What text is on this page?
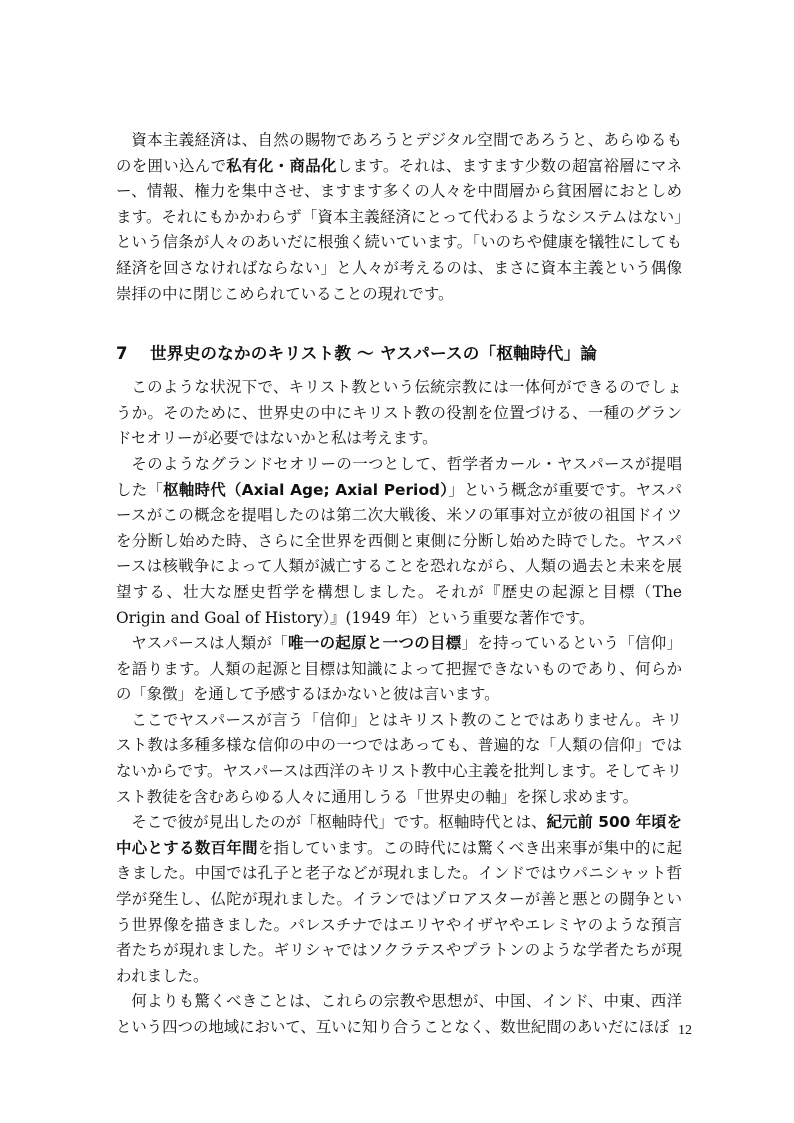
資本主義経済は、自然の賜物であろうとデジタル空間であろうと、あらゆるものを囲い込んで私有化・商品化します。それは、ますます少数の超富裕層にマネー、情報、権力を集中させ、ますます多くの人々を中間層から貧困層におとしめます。それにもかかわらず「資本主義経済にとって代わるようなシステムはない」という信条が人々のあいだに根強く続いています。「いのちや健康を犠牲にしても経済を回さなければならない」と人々が考えるのは、まさに資本主義という偶像崇拝の中に閉じこめられていることの現れです。

7 世界史のなかのキリスト教 ～ ヤスパースの「枢軸時代」論

このような状況下で、キリスト教という伝統宗教には一体何ができるのでしょうか。そのために、世界史の中にキリスト教の役割を位置づける、一種のグランドセオリーが必要ではないかと私は考えます。

そのようなグランドセオリーの一つとして、哲学者カール・ヤスパースが提唱した「枢軸時代（Axial Age; Axial Period）」という概念が重要です。ヤスパースがこの概念を提唱したのは第二次大戦後、米ソの軍事対立が彼の祖国ドイツを分断し始めた時、さらに全世界を西側と東側に分断し始めた時でした。ヤスパースは核戦争によって人類が滅亡することを恐れながら、人類の過去と未来を展望する、壮大な歴史哲学を構想しました。それが『歴史の起源と目標（The Origin and Goal of History）』(1949 年）という重要な著作です。

ヤスパースは人類が「唯一の起原と一つの目標」を持っているという「信仰」を語ります。人類の起源と目標は知識によって把握できないものであり、何らかの「象徴」を通して予感するほかないと彼は言います。

ここでヤスパースが言う「信仰」とはキリスト教のことではありません。キリスト教は多種多様な信仰の中の一つではあっても、普遍的な「人類の信仰」ではないからです。ヤスパースは西洋のキリスト教中心主義を批判します。そしてキリスト教徒を含むあらゆる人々に通用しうる「世界史の軸」を探し求めます。

そこで彼が見出したのが「枢軸時代」です。枢軸時代とは、紀元前 500 年頃を中心とする数百年間を指しています。この時代には驚くべき出来事が集中的に起きました。中国では孔子と老子などが現れました。インドではウパニシャット哲学が発生し、仏陀が現れました。イランではゾロアスターが善と悪との闘争という世界像を描きました。パレスチナではエリヤやイザヤやエレミヤのような預言者たちが現れました。ギリシャではソクラテスやプラトンのような学者たちが現われました。

何よりも驚くべきことは、これらの宗教や思想が、中国、インド、中東、西洋という四つの地域において、互いに知り合うことなく、数世紀間のあいだにほぼ 12
